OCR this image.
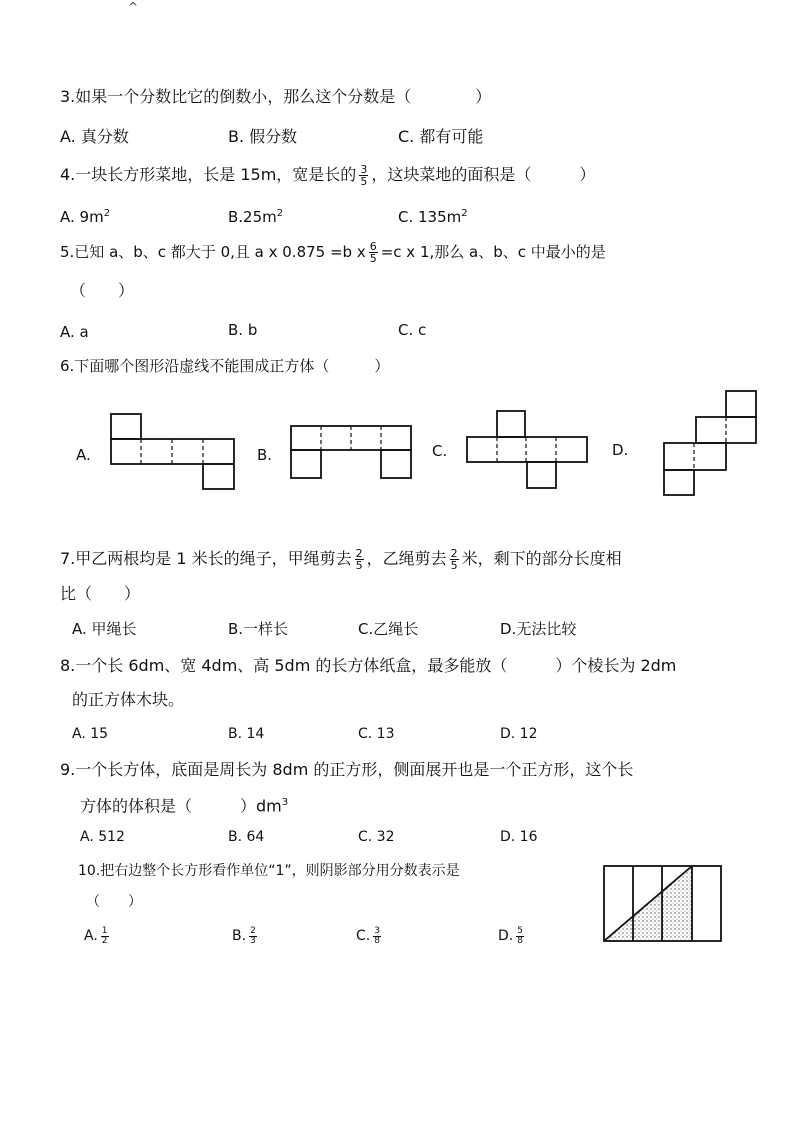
^
3.如果一个分数比它的倒数小，那么这个分数是（　　　　）
A. 真分数	B. 假分数	C. 都有可能
4.一块长方形菜地，长是 15m，宽是长的 $\frac{3}{5}$ ，这块菜地的面积是（　　　）
A. $9m^2$	$B.25m^2$	C. $135m^2$
5.已知 a、b、c 都大于 0,且 a x 0.875 =b x $\frac{6}{5} =c$ x 1,那么 a、b、c 中最小的是
（　　）
A. a	B. b	C. c
6.下面哪个图形沿虚线不能围成正方体（　　　）
A.	B.	C.	D.
7.甲乙两根均是 1 米长的绳子，甲绳剪去 $\frac{2}{5}$ ，乙绳剪去 $\frac{2}{5}$ 米，剩下的部分长度相
比（　　）
A. 甲绳长	B.一样长	C.乙绳长	D.无法比较
8.一个长 6dm、宽 4dm、高 5dm 的长方体纸盒，最多能放（　　　）个棱长为 2dm
的正方体木块。
A. 15	B. 14	C. 13	D. 12
9.一个长方体，底面是周长为 8dm 的正方形，侧面展开也是一个正方形，这个长
方体的体积是（　　　）$dm^3$
A. 512	B. 64	C. 32	D. 16
10.把右边整个长方形看作单位“1”，则阴影部分用分数表示是
（　　）
A. $\frac{1}{2}$	B. $\frac{2}{3}$	C. $\frac{3}{8}$	D. $\frac{5}{8}$
